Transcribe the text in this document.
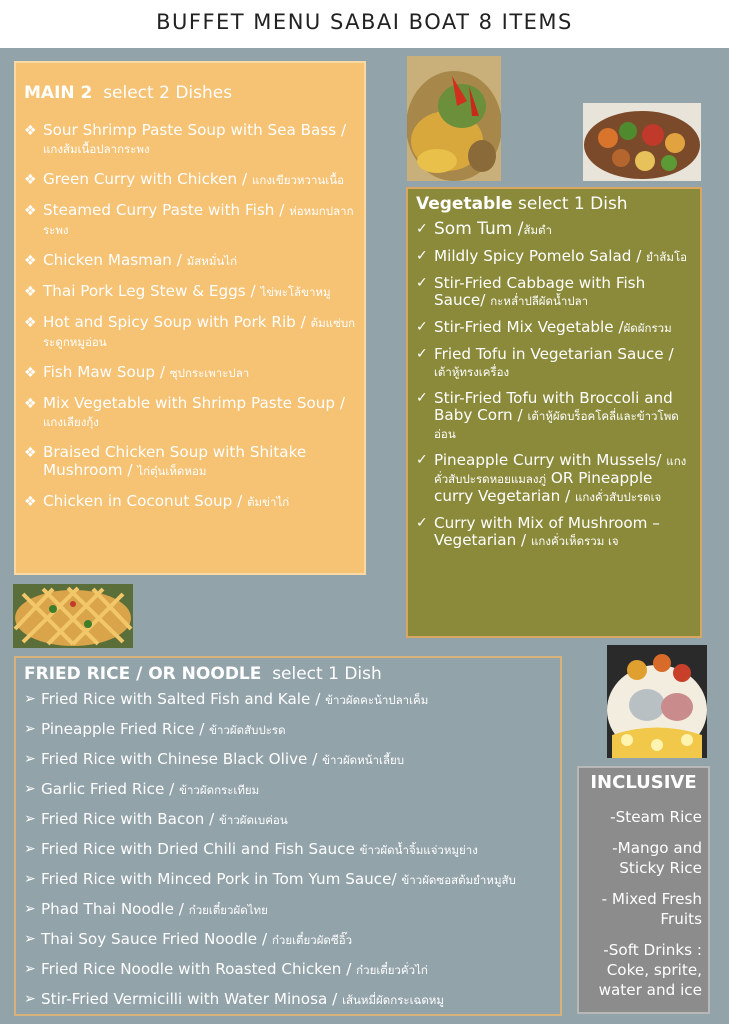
BUFFET MENU SABAI BOAT 8 ITEMS
MAIN 2 select 2 Dishes
❖ Sour Shrimp Paste Soup with Sea Bass / แกงส้มเนื้อปลากระพง
❖ Green Curry with Chicken / แกงเขียวหวานเนื้อ
❖ Steamed Curry Paste with Fish / ห่อหมกปลากระพง
❖ Chicken Masman / มัสหมั่นไก่
❖ Thai Pork Leg Stew & Eggs / ไข่พะโล้ขาหมู
❖ Hot and Spicy Soup with Pork Rib / ต้มแซ่บกระดูกหมูอ่อน
❖ Fish Maw Soup / ซุปกระเพาะปลา
❖ Mix Vegetable with Shrimp Paste Soup / แกงเลียงกุ้ง
❖ Braised Chicken Soup with Shitake Mushroom / ไก่ตุ๋นเห็ดหอม
❖ Chicken in Coconut Soup / ต้มข่าไก่
Vegetable select 1 Dish
✓ Som Tum /ส้มตำ
✓ Mildly Spicy Pomelo Salad / ยำส้มโอ
✓ Stir-Fried Cabbage with Fish Sauce/ กะหล่ำปลีผัดน้ำปลา
✓ Stir-Fried Mix Vegetable /ผัดผักรวม
✓ Fried Tofu in Vegetarian Sauce / เต้าหู้ทรงเครื่อง
✓ Stir-Fried Tofu with Broccoli and Baby Corn / เต้าหู้ผัดบร็อคโคลี่และข้าวโพดอ่อน
✓ Pineapple Curry with Mussels/ แกงคั่วสับปะรดหอยแมลงภู่ OR Pineapple curry Vegetarian / แกงคั่วสับปะรดเจ
✓ Curry with Mix of Mushroom – Vegetarian / แกงคั่วเห็ดรวม เจ
FRIED RICE / OR NOODLE select 1 Dish
➢ Fried Rice with Salted Fish and Kale / ข้าวผัดคะน้าปลาเค็ม
➢ Pineapple Fried Rice / ข้าวผัดสับปะรด
➢ Fried Rice with Chinese Black Olive / ข้าวผัดหน้าเลี้ยบ
➢ Garlic Fried Rice / ข้าวผัดกระเทียม
➢ Fried Rice with Bacon / ข้าวผัดเบค่อน
➢ Fried Rice with Dried Chili and Fish Sauce ข้าวผัดน้ำจิ้มแจ่วหมูย่าง
➢ Fried Rice with Minced Pork in Tom Yum Sauce/ ข้าวผัดซอสต้มยำหมูสับ
➢ Phad Thai Noodle / ก๋วยเตี๋ยวผัดไทย
➢ Thai Soy Sauce Fried Noodle / ก๋วยเตี๋ยวผัดซีอิ๊ว
➢ Fried Rice Noodle with Roasted Chicken / ก๋วยเตี๋ยวคั่วไก่
➢ Stir-Fried Vermicilli with Water Minosa / เส้นหมี่ผัดกระเฉดหมู
INCLUSIVE
-Steam Rice
-Mango and Sticky Rice
- Mixed Fresh Fruits
-Soft Drinks : Coke, sprite, water and ice
